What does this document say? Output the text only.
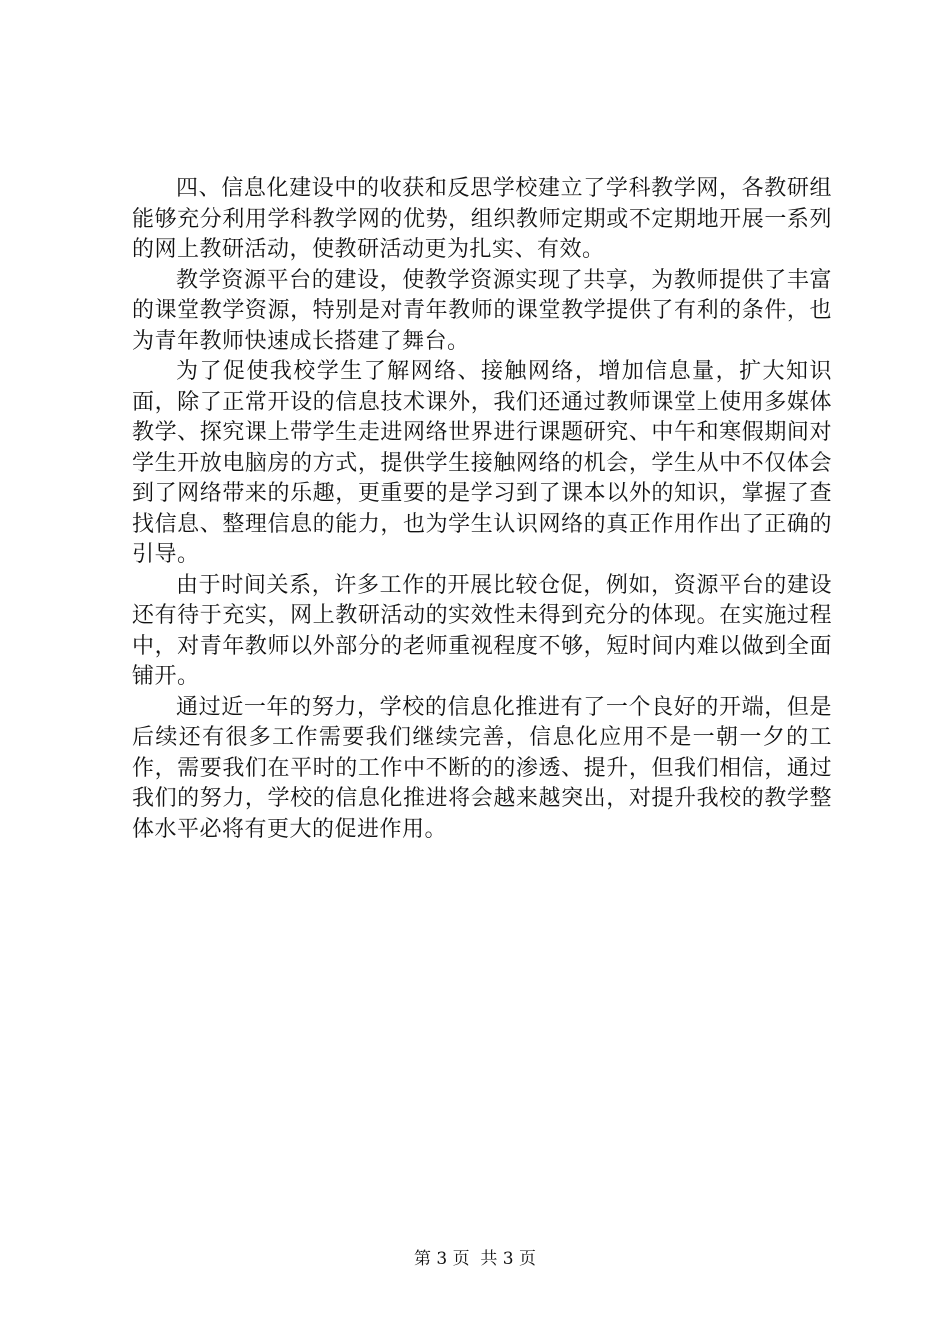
四、信息化建设中的收获和反思学校建立了学科教学网，各教研组能够充分利用学科教学网的优势，组织教师定期或不定期地开展一系列的网上教研活动，使教研活动更为扎实、有效。

教学资源平台的建设，使教学资源实现了共享，为教师提供了丰富的课堂教学资源，特别是对青年教师的课堂教学提供了有利的条件，也为青年教师快速成长搭建了舞台。

为了促使我校学生了解网络、接触网络，增加信息量，扩大知识面，除了正常开设的信息技术课外，我们还通过教师课堂上使用多媒体教学、探究课上带学生走进网络世界进行课题研究、中午和寒假期间对学生开放电脑房的方式，提供学生接触网络的机会，学生从中不仅体会到了网络带来的乐趣，更重要的是学习到了课本以外的知识，掌握了查找信息、整理信息的能力，也为学生认识网络的真正作用作出了正确的引导。

由于时间关系，许多工作的开展比较仓促，例如，资源平台的建设还有待于充实，网上教研活动的实效性未得到充分的体现。在实施过程中，对青年教师以外部分的老师重视程度不够，短时间内难以做到全面铺开。

通过近一年的努力，学校的信息化推进有了一个良好的开端，但是后续还有很多工作需要我们继续完善，信息化应用不是一朝一夕的工作，需要我们在平时的工作中不断的的渗透、提升，但我们相信，通过我们的努力，学校的信息化推进将会越来越突出，对提升我校的教学整体水平必将有更大的促进作用。

第 3 页  共 3 页
